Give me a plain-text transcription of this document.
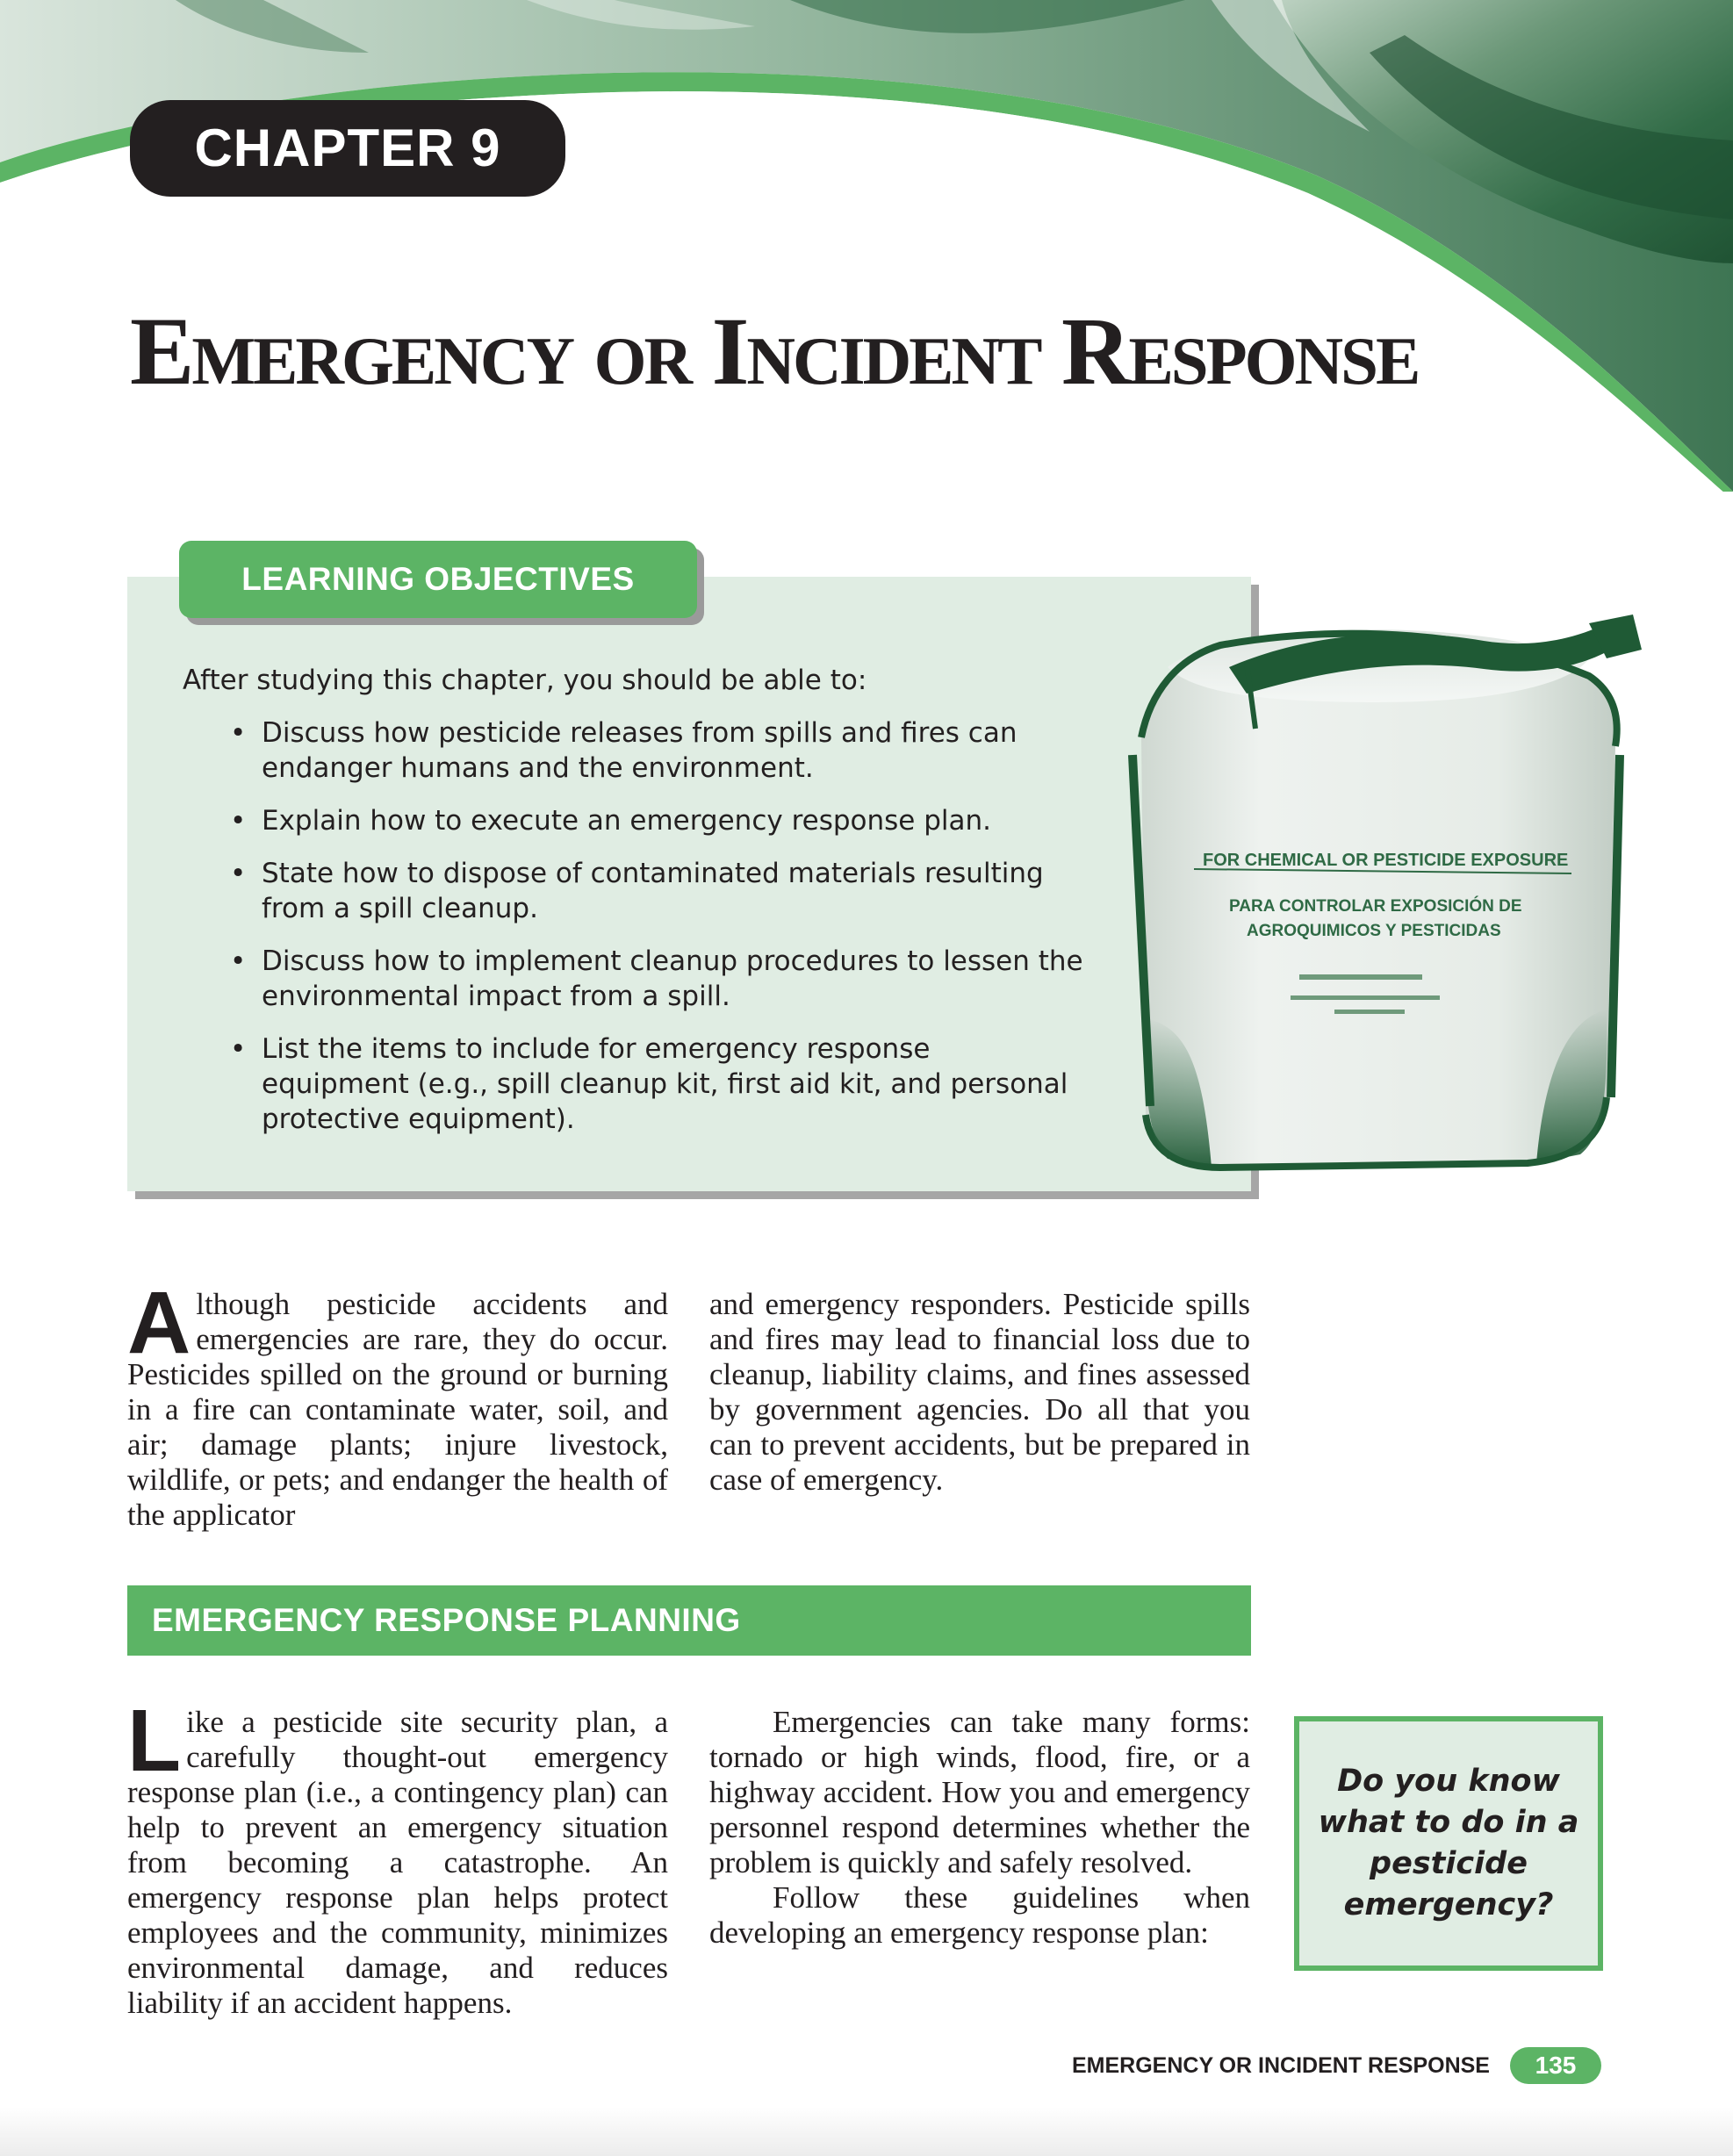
CHAPTER 9
Emergency or Incident Response
LEARNING OBJECTIVES

After studying this chapter, you should be able to:

• Discuss how pesticide releases from spills and fires can endanger humans and the environment.
• Explain how to execute an emergency response plan.
• State how to dispose of contaminated materials resulting from a spill cleanup.
• Discuss how to implement cleanup procedures to lessen the environmental impact from a spill.
• List the items to include for emergency response equipment (e.g., spill cleanup kit, first aid kit, and personal protective equipment).
FOR CHEMICAL OR PESTICIDE EXPOSURE
PARA CONTROLAR EXPOSICIÓN DE
AGROQUIMICOS Y PESTICIDAS

Although pesticide accidents and emergencies are rare, they do occur. Pesticides spilled on the ground or burning in a fire can contaminate water, soil, and air; damage plants; injure livestock, wildlife, or pets; and endanger the health of the applicator

and emergency responders. Pesticide spills and fires may lead to financial loss due to cleanup, liability claims, and fines assessed by government agencies. Do all that you can to prevent accidents, but be prepared in case of emergency.

EMERGENCY RESPONSE PLANNING

Like a pesticide site security plan, a carefully thought-out emergency response plan (i.e., a contingency plan) can help to prevent an emergency situation from becoming a catastrophe. An emergency response plan helps protect employees and the community, minimizes environmental damage, and reduces liability if an accident happens.

Emergencies can take many forms: tornado or high winds, flood, fire, or a highway accident. How you and emergency personnel respond determines whether the problem is quickly and safely resolved.

Follow these guidelines when developing an emergency response plan:

Do you know what to do in a pesticide emergency?

EMERGENCY OR INCIDENT RESPONSE	135
